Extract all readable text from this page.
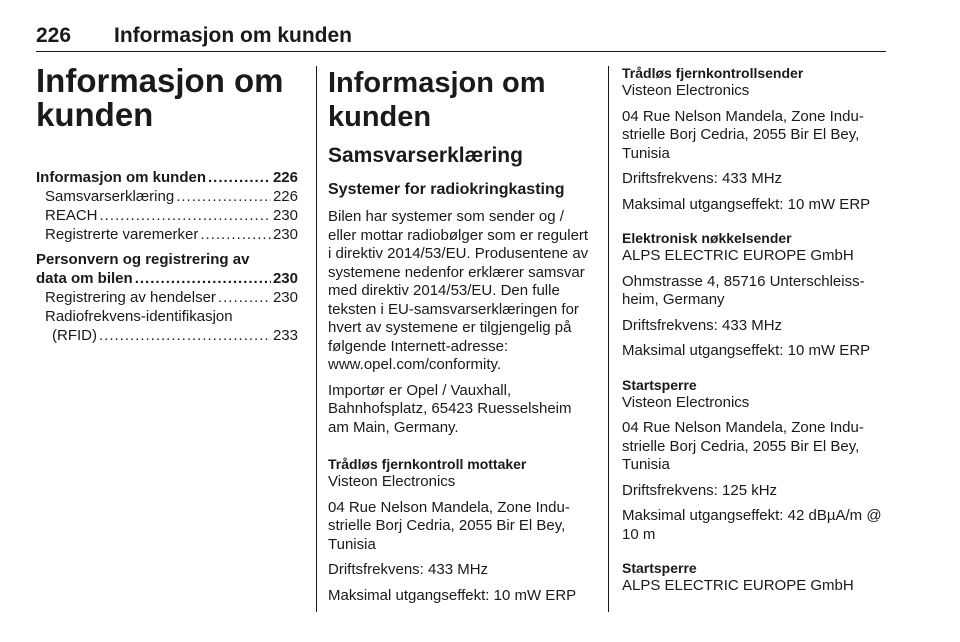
226 Informasjon om kunden
Informasjon om kunden
Informasjon om kunden .....	226
Samsvarserklæring .....	226
REACH .....	230
Registrerte varemerker .....	230
Personvern og registrering av
data om bilen .....	230
Registrering av hendelser .....	230
Radiofrekvens-identifikasjon
(RFID) .....	233
Informasjon om kunden
Samsvarserklæring
Systemer for radiokringkasting

Bilen har systemer som sender og / eller mottar radiobølger som er regulert i direktiv 2014/53/EU. Produsentene av systemene nedenfor erklærer samsvar med direktiv 2014/53/EU. Den fulle teksten i EU-samsvarserklæringen for hvert av systemene er tilgjengelig på følgende Internett-adresse: www.opel.com/conformity.

Importør er Opel / Vauxhall, Bahnhofsplatz, 65423 Ruesselsheim am Main, Germany.

Trådløs fjernkontroll mottaker

Visteon Electronics

04 Rue Nelson Mandela, Zone Industrielle Borj Cedria, 2055 Bir El Bey, Tunisia

Driftsfrekvens: 433 MHz

Maksimal utgangseffekt: 10 mW ERP

Trådløs fjernkontrollsender

Visteon Electronics

04 Rue Nelson Mandela, Zone Industrielle Borj Cedria, 2055 Bir El Bey, Tunisia

Driftsfrekvens: 433 MHz

Maksimal utgangseffekt: 10 mW ERP

Elektronisk nøkkelsender

ALPS ELECTRIC EUROPE GmbH

Ohmstrasse 4, 85716 Unterschleissheim, Germany

Driftsfrekvens: 433 MHz

Maksimal utgangseffekt: 10 mW ERP

Startsperre

Visteon Electronics

04 Rue Nelson Mandela, Zone Industrielle Borj Cedria, 2055 Bir El Bey, Tunisia

Driftsfrekvens: 125 kHz

Maksimal utgangseffekt: 42 dBµA/m @ 10 m

Startsperre

ALPS ELECTRIC EUROPE GmbH
